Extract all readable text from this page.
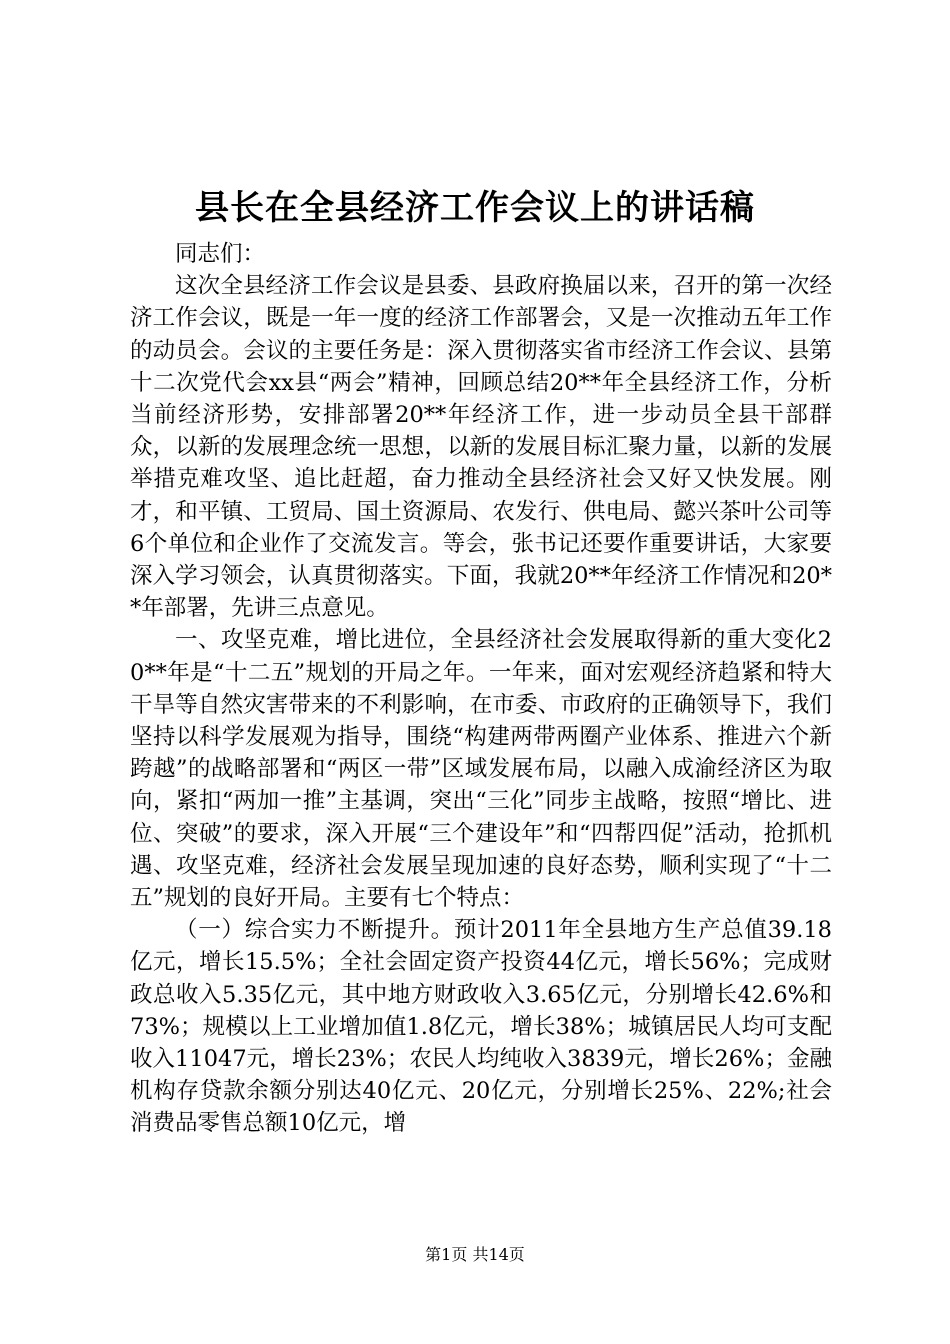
县长在全县经济工作会议上的讲话稿

同志们：

这次全县经济工作会议是县委、县政府换届以来，召开的第一次经济工作会议，既是一年一度的经济工作部署会，又是一次推动五年工作的动员会。会议的主要任务是：深入贯彻落实省市经济工作会议、县第十二次党代会xx县“两会”精神，回顾总结20**年全县经济工作，分析当前经济形势，安排部署20**年经济工作，进一步动员全县干部群众，以新的发展理念统一思想，以新的发展目标汇聚力量，以新的发展举措克难攻坚、追比赶超，奋力推动全县经济社会又好又快发展。刚才，和平镇、工贸局、国土资源局、农发行、供电局、懿兴茶叶公司等6个单位和企业作了交流发言。等会，张书记还要作重要讲话，大家要深入学习领会，认真贯彻落实。下面，我就20**年经济工作情况和20**年部署，先讲三点意见。

一、攻坚克难，增比进位，全县经济社会发展取得新的重大变化20**年是“十二五”规划的开局之年。一年来，面对宏观经济趋紧和特大干旱等自然灾害带来的不利影响，在市委、市政府的正确领导下，我们坚持以科学发展观为指导，围绕“构建两带两圈产业体系、推进六个新跨越”的战略部署和“两区一带”区域发展布局，以融入成渝经济区为取向，紧扣“两加一推”主基调，突出“三化”同步主战略，按照“增比、进位、突破”的要求，深入开展“三个建设年”和“四帮四促”活动，抢抓机遇、攻坚克难，经济社会发展呈现加速的良好态势，顺利实现了“十二五”规划的良好开局。主要有七个特点：

（一）综合实力不断提升。预计2011年全县地方生产总值39.18亿元，增长15.5%；全社会固定资产投资44亿元，增长56%；完成财政总收入5.35亿元，其中地方财政收入3.65亿元，分别增长42.6%和73%；规模以上工业增加值1.8亿元，增长38%；城镇居民人均可支配收入11047元，增长23%；农民人均纯收入3839元，增长26%；金融机构存贷款余额分别达40亿元、20亿元，分别增长25%、22%;社会消费品零售总额10亿元，增

第1页 共14页
